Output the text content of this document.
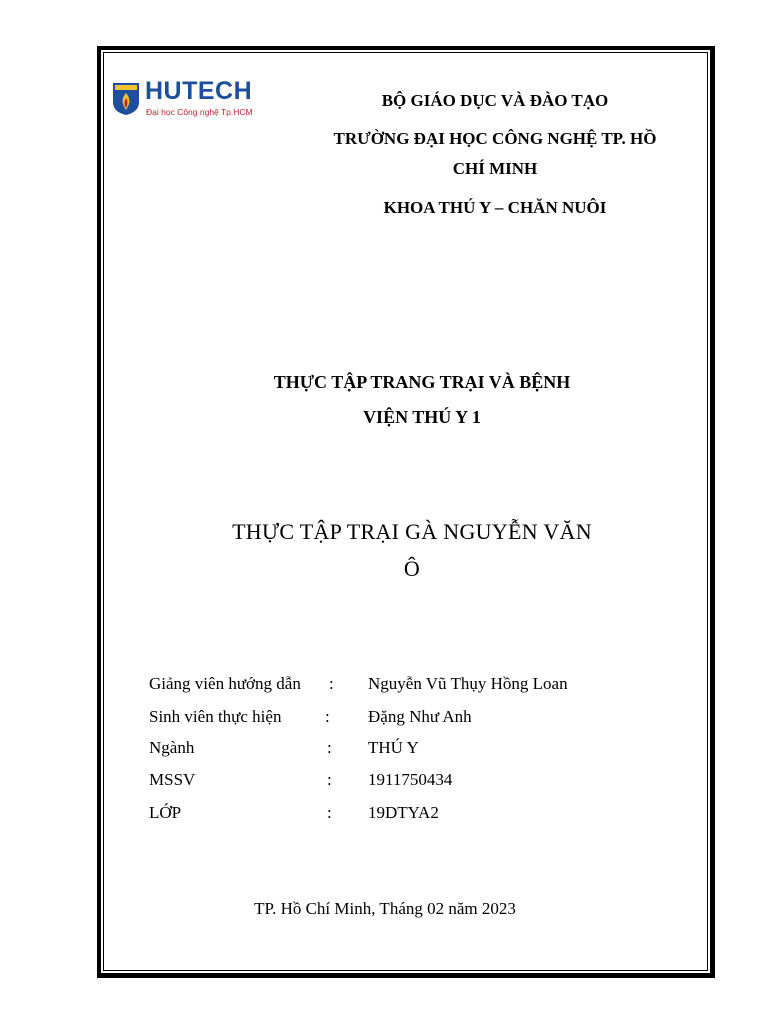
HUTECH
Đại học Công nghệ Tp.HCM
BỘ GIÁO DỤC VÀ ĐÀO TẠO
TRƯỜNG ĐẠI HỌC CÔNG NGHỆ TP. HỒ
CHÍ MINH
KHOA THÚ Y – CHĂN NUÔI
THỰC TẬP TRANG TRẠI VÀ BỆNH
VIỆN THÚ Y 1
THỰC TẬP TRẠI GÀ NGUYỄN VĂN
Ô
Giảng viên hướng dẫn : Nguyễn Vũ Thụy Hồng Loan
Sinh viên thực hiện	: Đặng Như Anh
Ngành	: THÚ Y
MSSV	: 1911750434
LỚP	: 19DTYA2
TP. Hồ Chí Minh, Tháng 02 năm 2023
